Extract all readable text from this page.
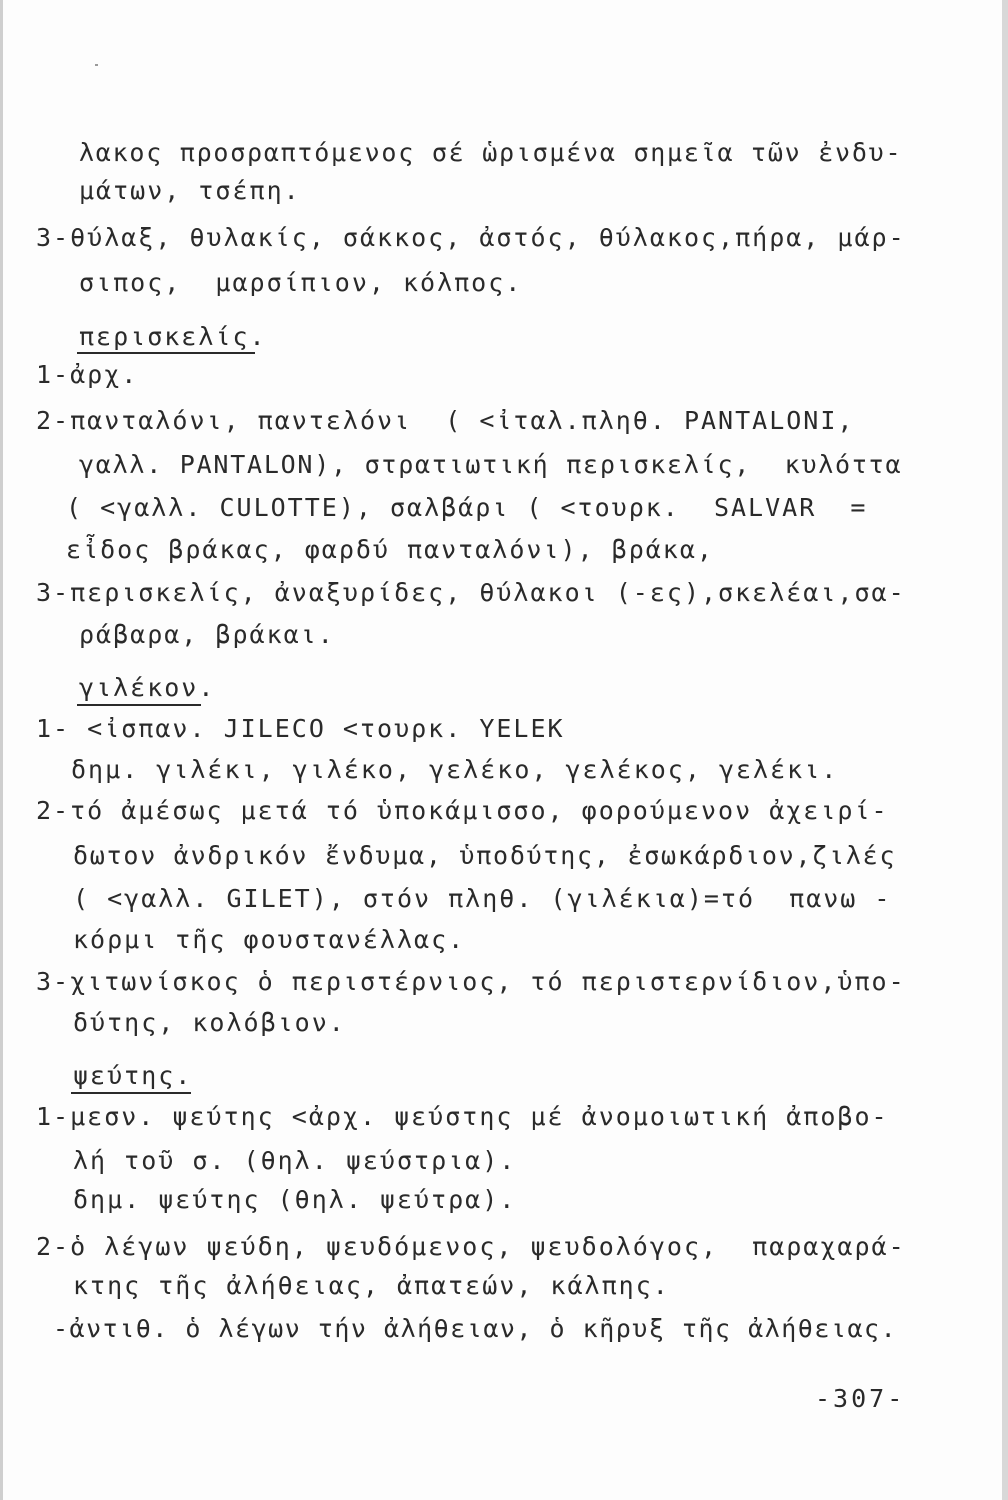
λακος προσραπτόμενος σέ ὡρισμένα σημεῖα τῶν ἐνδυ-
μάτων, τσέπη.
3-θύλαξ, θυλακίς, σάκκος, ἀστός, θύλακος,πήρα, μάρ-
σιπος,  μαρσίπιον, κόλπος.
περισκελίς.
1-ἀρχ.
2-πανταλόνι, παντελόνι  ( <ἰταλ.πληθ. PANTALONI,
γαλλ. PANTALON), στρατιωτική περισκελίς,  κυλόττα
( <γαλλ. CULOTTE), σαλβάρι ( <τουρκ.  SALVAR  =
εἶδος βράκας, φαρδύ πανταλόνι), βράκα,
3-περισκελίς, ἀναξυρίδες, θύλακοι (-ες),σκελέαι,σα-
ράβαρα, βράκαι.
γιλέκον.
1- <ἰσπαν. JILECO <τουρκ. YELEK
δημ. γιλέκι, γιλέκο, γελέκο, γελέκος, γελέκι.
2-τό ἀμέσως μετά τό ὑποκάμισσο, φορούμενον ἀχειρί-
δωτον ἀνδρικόν ἔνδυμα, ὑποδύτης, ἐσωκάρδιον,ζιλές
( <γαλλ. GILET), στόν πληθ. (γιλέκια)=τό  πανω -
κόρμι τῆς φουστανέλλας.
3-χιτωνίσκος ὁ περιστέρνιος, τό περιστερνίδιον,ὑπο-
δύτης, κολόβιον.
ψεύτης.
1-μεσν. ψεύτης <ἀρχ. ψεύστης μέ ἀνομοιωτική ἀποβο-
λή τοῦ σ. (θηλ. ψεύστρια).
δημ. ψεύτης (θηλ. ψεύτρα).
2-ὁ λέγων ψεύδη, ψευδόμενος, ψευδολόγος,  παραχαρά-
κτης τῆς ἀλήθειας, ἀπατεών, κάλπης.
-ἀντιθ. ὁ λέγων τήν ἀλήθειαν, ὁ κῆρυξ τῆς ἀλήθειας.
-307-
